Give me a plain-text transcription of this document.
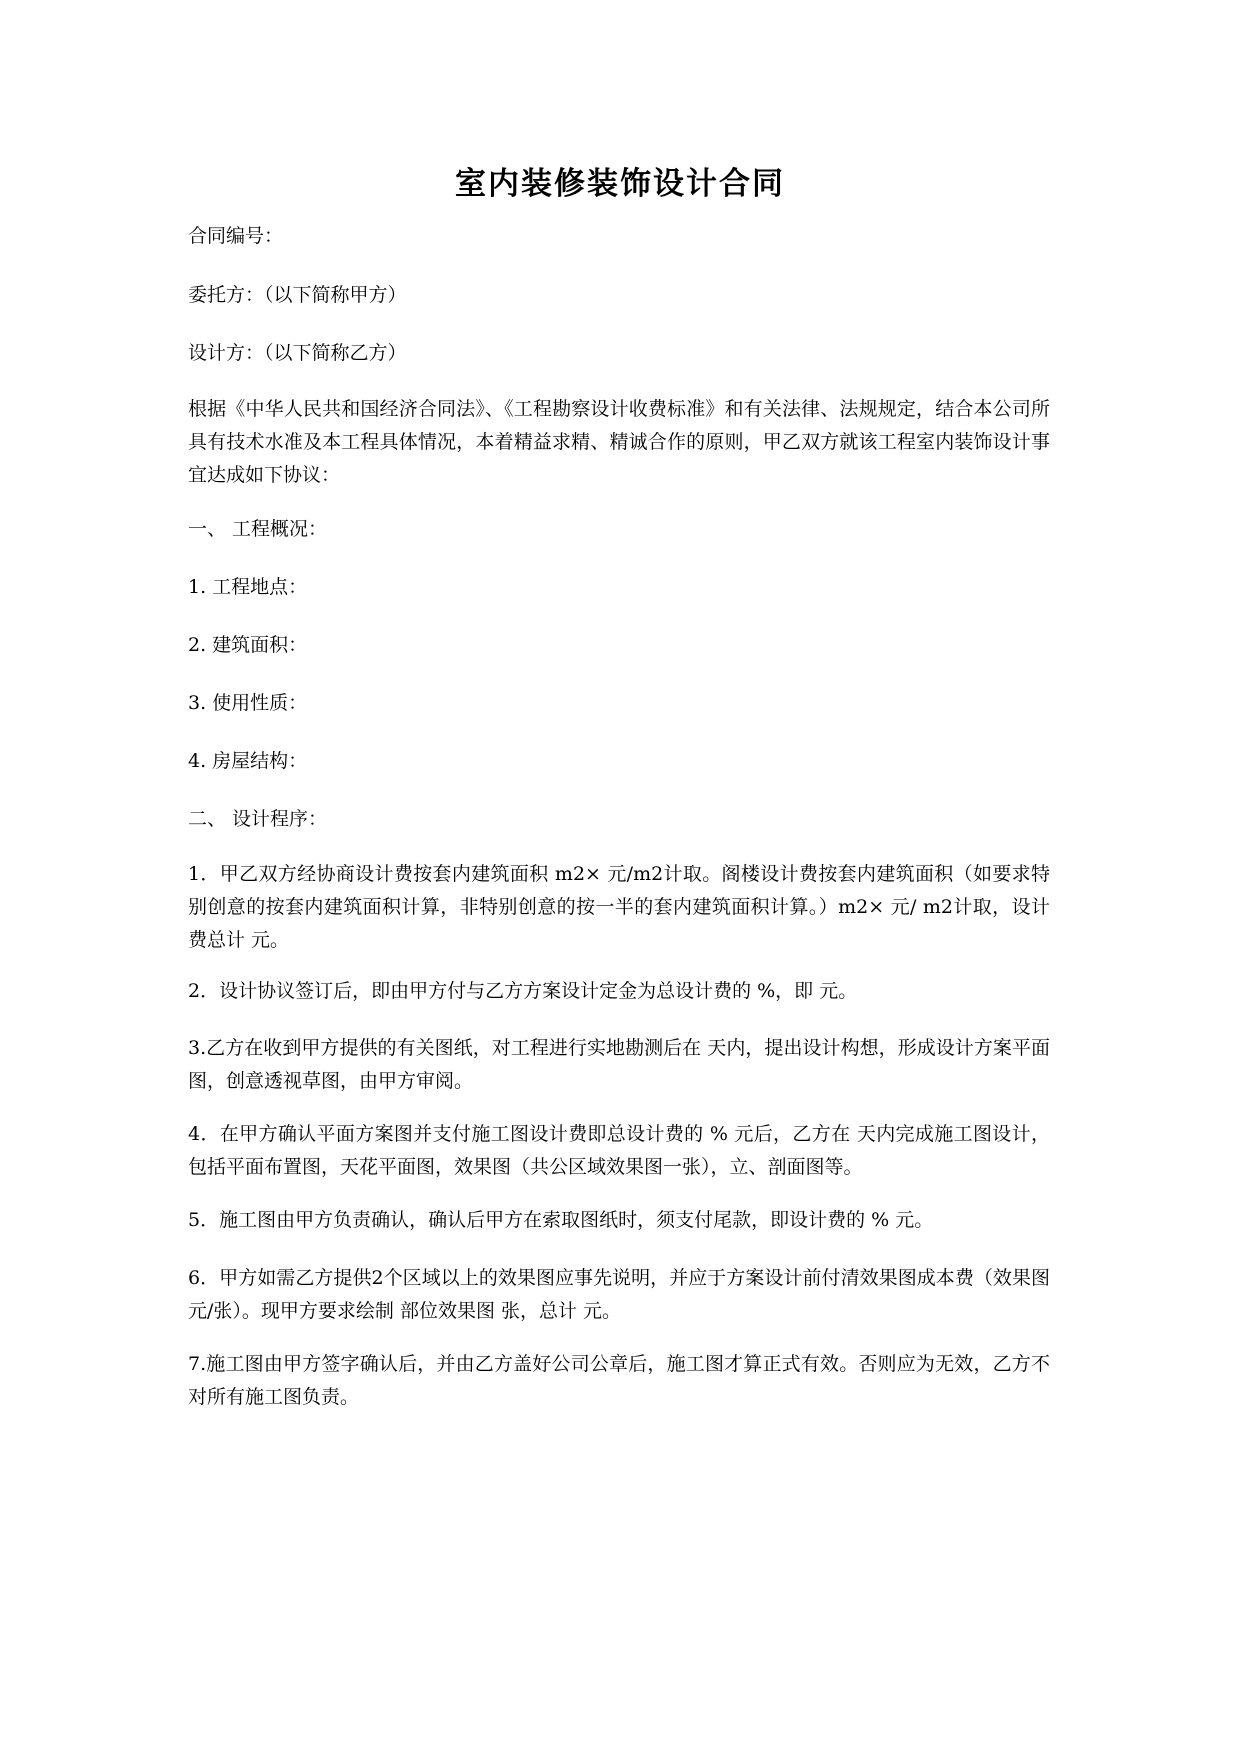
室内装修装饰设计合同
合同编号：
委托方：（以下简称甲方）
设计方：（以下简称乙方）
根据《中华人民共和国经济合同法》、《工程勘察设计收费标准》和有关法律、法规规定，结合本公司所具有技术水准及本工程具体情况，本着精益求精、精诚合作的原则，甲乙双方就该工程室内装饰设计事宜达成如下协议：
一、 工程概况：
1. 工程地点：
2. 建筑面积：
3. 使用性质：
4. 房屋结构：
二、 设计程序：
1．甲乙双方经协商设计费按套内建筑面积 m2× 元/m2计取。阁楼设计费按套内建筑面积（如要求特别创意的按套内建筑面积计算，非特别创意的按一半的套内建筑面积计算。）m2× 元/ m2计取，设计费总计 元。
2．设计协议签订后，即由甲方付与乙方方案设计定金为总设计费的 %，即 元。
3.乙方在收到甲方提供的有关图纸，对工程进行实地勘测后在 天内，提出设计构想，形成设计方案平面图，创意透视草图，由甲方审阅。
4．在甲方确认平面方案图并支付施工图设计费即总设计费的 % 元后，乙方在 天内完成施工图设计，包括平面布置图，天花平面图，效果图（共公区域效果图一张），立、剖面图等。
5．施工图由甲方负责确认，确认后甲方在索取图纸时，须支付尾款，即设计费的 % 元。
6．甲方如需乙方提供2个区域以上的效果图应事先说明，并应于方案设计前付清效果图成本费（效果图 元/张）。现甲方要求绘制 部位效果图 张，总计 元。
7.施工图由甲方签字确认后，并由乙方盖好公司公章后，施工图才算正式有效。否则应为无效，乙方不对所有施工图负责。
